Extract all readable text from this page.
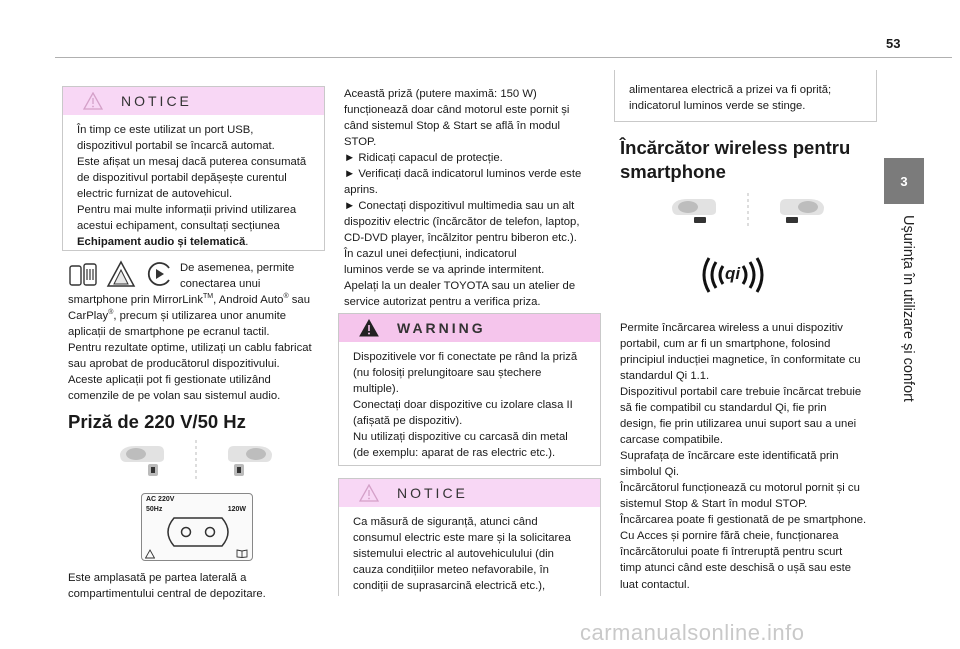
53
3
Ușurința în utilizare și confort
NOTICE
În timp ce este utilizat un port USB,
dispozitivul portabil se încarcă automat.
Este afișat un mesaj dacă puterea consumată
de dispozitivul portabil depășește curentul
electric furnizat de autovehicul.
Pentru mai multe informații privind utilizarea
acestui echipament, consultați secțiunea
Echipament audio și telematică.
De asemenea, permite
conectarea unui
smartphone prin MirrorLink™, Android Auto® sau
CarPlay®, precum și utilizarea unor anumite
aplicații de smartphone pe ecranul tactil.
Pentru rezultate optime, utilizați un cablu fabricat
sau aprobat de producătorul dispozitivului.
Aceste aplicații pot fi gestionate utilizând
comenzile de pe volan sau sistemul audio.
Priză de 220 V/50 Hz
AC 220V
50Hz	120W
Este amplasată pe partea laterală a
compartimentului central de depozitare.
Această priză (putere maximă: 150 W)
funcționează doar când motorul este pornit și
când sistemul Stop & Start se află în modul
STOP.
► Ridicați capacul de protecție.
► Verificați dacă indicatorul luminos verde este
aprins.
► Conectați dispozitivul multimedia sau un alt
dispozitiv electric (încărcător de telefon, laptop,
CD-DVD player, încălzitor pentru biberon etc.).
În cazul unei defecțiuni, indicatorul
luminos verde se va aprinde intermitent.
Apelați la un dealer TOYOTA sau un atelier de
service autorizat pentru a verifica priza.
WARNING
Dispozitivele vor fi conectate pe rând la priză
(nu folosiți prelungitoare sau ștechere
multiple).
Conectați doar dispozitive cu izolare clasa II
(afișată pe dispozitiv).
Nu utilizați dispozitive cu carcasă din metal
(de exemplu: aparat de ras electric etc.).
NOTICE
Ca măsură de siguranță, atunci când
consumul electric este mare și la solicitarea
sistemului electric al autovehiculului (din
cauza condițiilor meteo nefavorabile, în
condiții de suprasarcină electrică etc.),
alimentarea electrică a prizei va fi oprită;
indicatorul luminos verde se stinge.
Încărcător wireless pentru
smartphone
qi
Permite încărcarea wireless a unui dispozitiv
portabil, cum ar fi un smartphone, folosind
principiul inducției magnetice, în conformitate cu
standardul Qi 1.1.
Dispozitivul portabil care trebuie încărcat trebuie
să fie compatibil cu standardul Qi, fie prin
design, fie prin utilizarea unui suport sau a unei
carcase compatibile.
Suprafața de încărcare este identificată prin
simbolul Qi.
Încărcătorul funcționează cu motorul pornit și cu
sistemul Stop & Start în modul STOP.
Încărcarea poate fi gestionată de pe smartphone.
Cu Acces și pornire fără cheie, funcționarea
încărcătorului poate fi întreruptă pentru scurt
timp atunci când este deschisă o ușă sau este
luat contactul.
carmanualsonline.info
